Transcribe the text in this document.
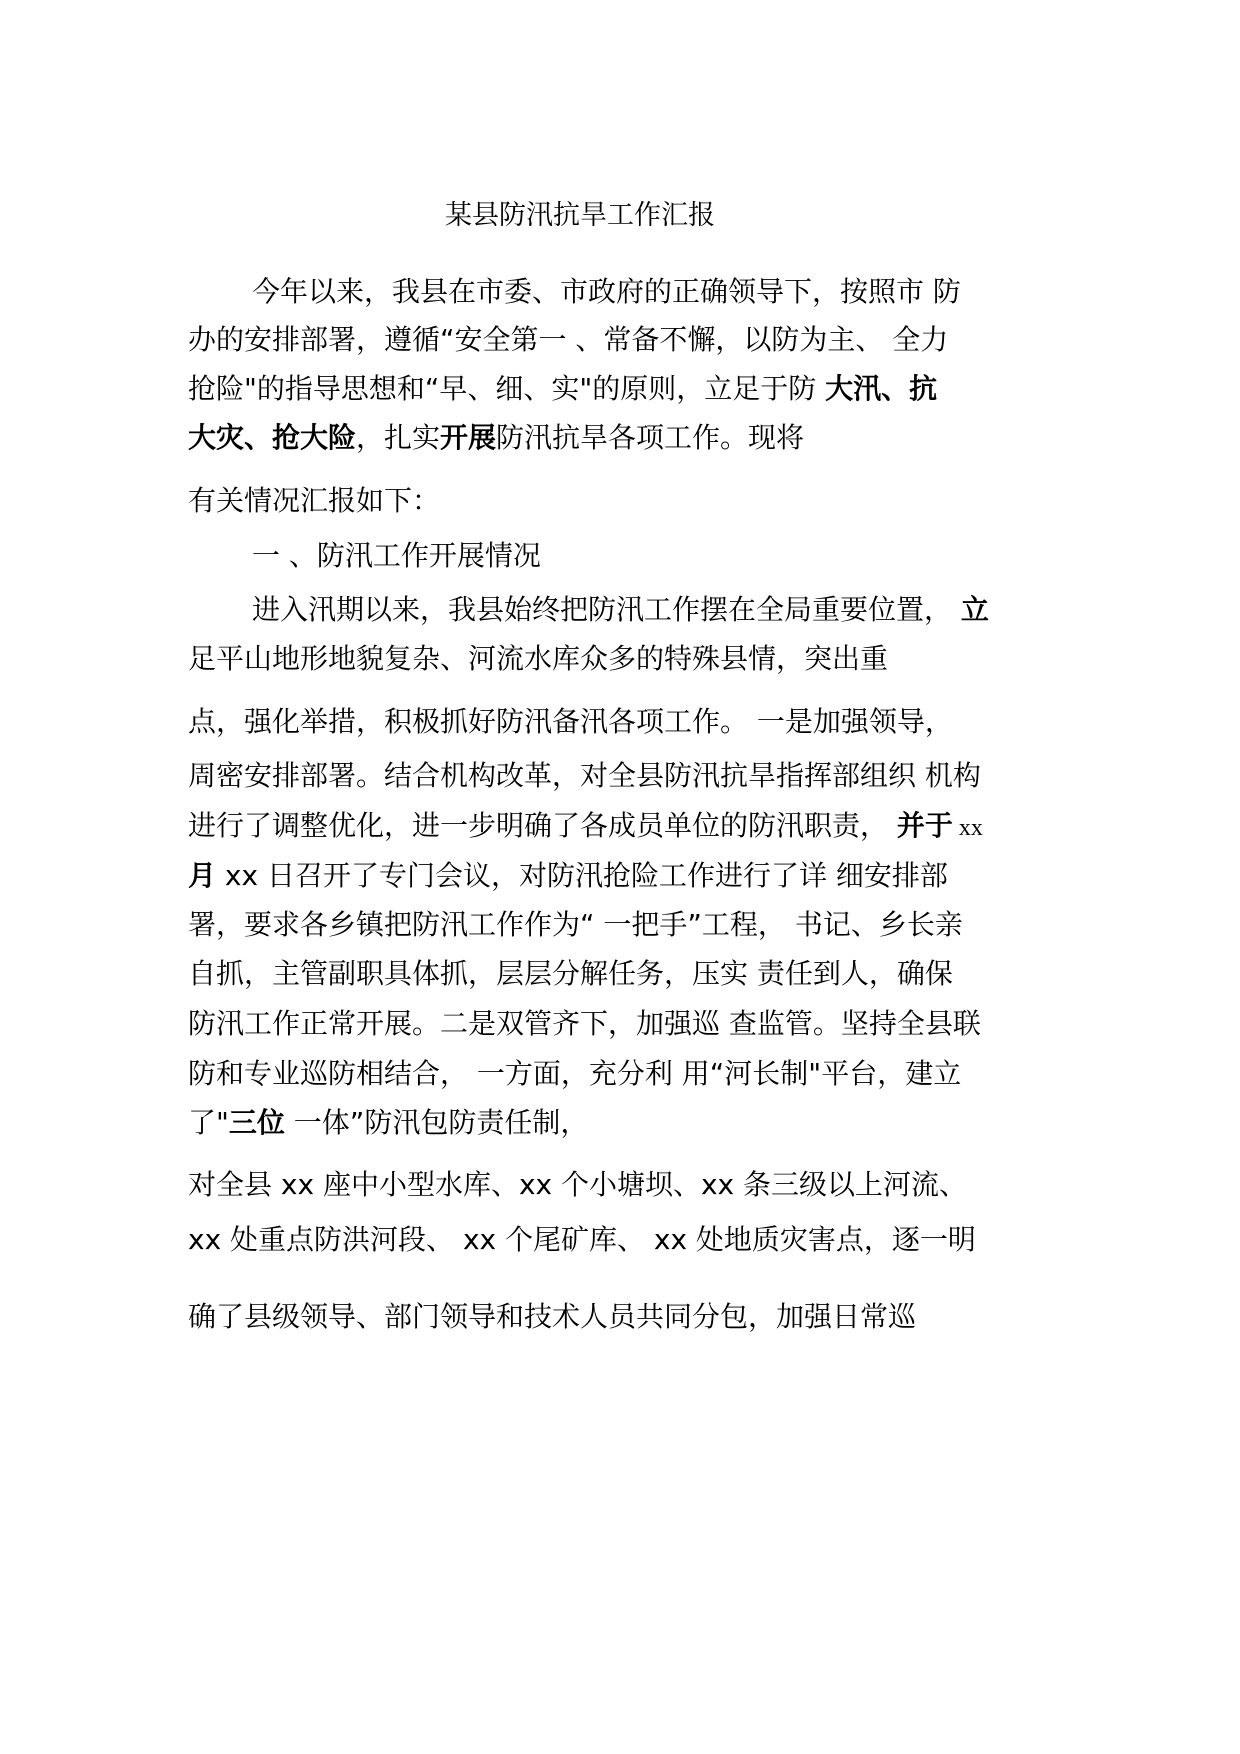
某县防汛抗旱工作汇报
今年以来，我县在市委、市政府的正确领导下，按照市 防
办的安排部署，遵循“安全第一 、常备不懈，以防为主、 全力
抢险"的指导思想和“早、细、实"的原则，立足于防 大汛、抗
大灾、抢大险，扎实开展防汛抗旱各项工作。现将
有关情况汇报如下：
一 、防汛工作开展情况
进入汛期以来，我县始终把防汛工作摆在全局重要位置， 立
足平山地形地貌复杂、河流水库众多的特殊县情，突出重
点，强化举措，积极抓好防汛备汛各项工作。 一是加强领导，
周密安排部署。结合机构改革，对全县防汛抗旱指挥部组织 机构
进行了调整优化，进一步明确了各成员单位的防汛职责， 并于 xx
月 xx 日召开了专门会议，对防汛抢险工作进行了详 细安排部
署，要求各乡镇把防汛工作作为“ 一把手”工程， 书记、乡长亲
自抓，主管副职具体抓，层层分解任务，压实 责任到人，确保
防汛工作正常开展。二是双管齐下，加强巡 查监管。坚持全县联
防和专业巡防相结合， 一方面，充分利 用“河长制"平台，建立
了"三位 一体”防汛包防责任制，
对全县 xx 座中小型水库、xx 个小塘坝、xx 条三级以上河流、
xx 处重点防洪河段、 xx 个尾矿库、 xx 处地质灾害点，逐一明
确了县级领导、部门领导和技术人员共同分包，加强日常巡
